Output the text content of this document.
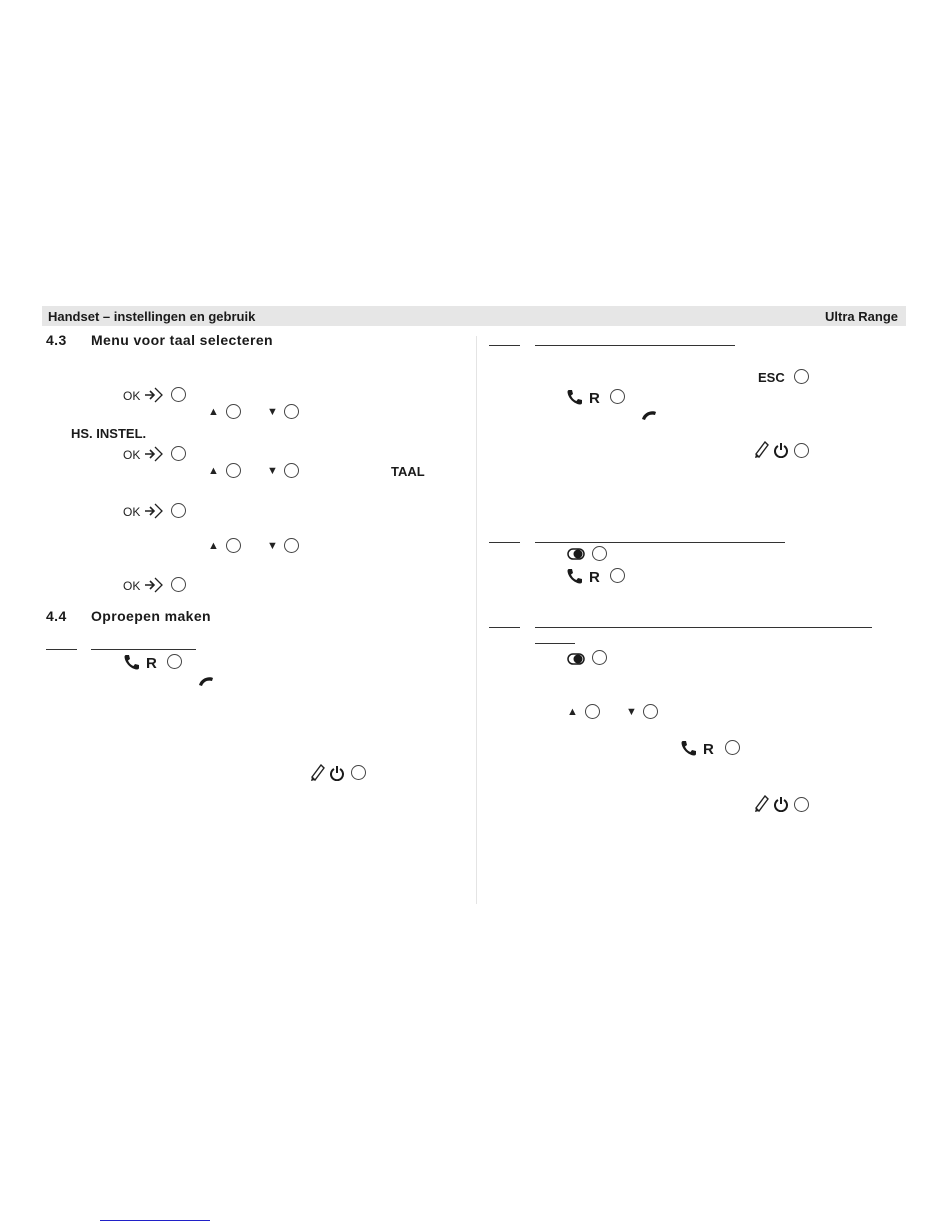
Handset – instellingen en gebruik	Ultra Range
4.3 Menu voor taal selecteren
OK
▲	▼
HS. INSTEL.
OK
▲	▼	TAAL
OK
▲	▼
OK
4.4 Oproepen maken
R
ESC
R
R
▲	▼
R
